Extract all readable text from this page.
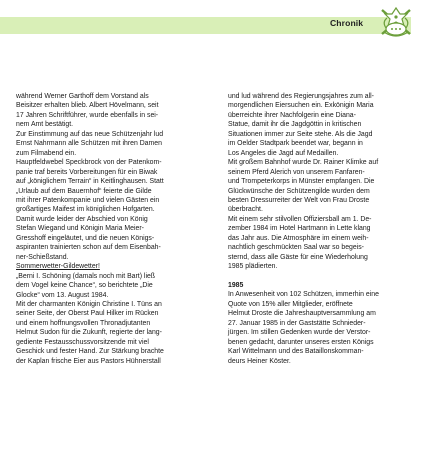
Chronik

während Werner Garthoff dem Vorstand als

Beisitzer erhalten blieb. Albert Hövelmann, seit

17 Jahren Schriftführer, wurde ebenfalls in sei-

nem Amt bestätigt.

Zur Einstimmung auf das neue Schützenjahr lud

Ernst Nahrmann alle Schützen mit ihren Damen

zum Filmabend ein.

Hauptfeldwebel Speckbrock von der Patenkom-

panie traf bereits Vorbereitungen für ein Biwak

auf „königlichem Terrain“ in Keitlinghausen. Statt

„Urlaub auf dem Bauernhof“ feierte die Gilde

mit ihrer Patenkompanie und vielen Gästen ein

großartiges Maifest im königlichen Hofgarten.

Damit wurde leider der Abschied von König

Stefan Wiegand und Königin Maria Meier-

Gresshoff eingeläutet, und die neuen Königs-

aspiranten trainierten schon auf dem Eisenbah-

ner-Schießstand.

Sommerwetter-Gildewetter!

„Berni I. Schöning (damals noch mit Bart) ließ

dem Vogel keine Chance“, so berichtete „Die

Glocke“ vom 13. August 1984.

Mit der charmanten Königin Christine I. Tüns an

seiner Seite, der Oberst Paul Hilker im Rücken

und einem hoffnungsvollen Thronadjutanten

Helmut Sudon für die Zukunft, regierte der lang-

gediente Festausschussvorsitzende mit viel

Geschick und fester Hand. Zur Stärkung brachte

der Kaplan frische Eier aus Pastors Hühnerstall

und lud während des Regierungsjahres zum all-

morgendlichen Eiersuchen ein. Exkönigin Maria

überreichte ihrer Nachfolgerin eine Diana-

Statue, damit ihr die Jagdgöttin in kritischen

Situationen immer zur Seite stehe. Als die Jagd

im Oelder Stadtpark beendet war, begann in

Los Angeles die Jagd auf Medaillen.

Mit großem Bahnhof wurde Dr. Rainer Klimke auf

seinem Pferd Alerich von unserem Fanfaren-

und Trompeterkorps in Münster empfangen. Die

Glückwünsche der Schützengilde wurden dem

besten Dressurreiter der Welt von Frau Droste

überbracht.

Mit einem sehr stilvollen Offiziersball am 1. De-

zember 1984 im Hotel Hartmann in Lette klang

das Jahr aus. Die Atmosphäre im einem weih-

nachtlich geschmückten Saal war so begeis-

sternd, dass alle Gäste für eine Wiederholung

1985 plädierten.

1985

In Anwesenheit von 102 Schützen, immerhin eine

Quote von 15% aller Mitglieder, eröffnete

Helmut Droste die Jahreshauptversammlung am

27. Januar 1985 in der Gaststätte Schnieder-

jürgen. Im stillen Gedenken wurde der Verstor-

benen gedacht, darunter unseres ersten Königs

Karl Wittelmann und des Bataillonskomman-

deurs Heiner Köster.
